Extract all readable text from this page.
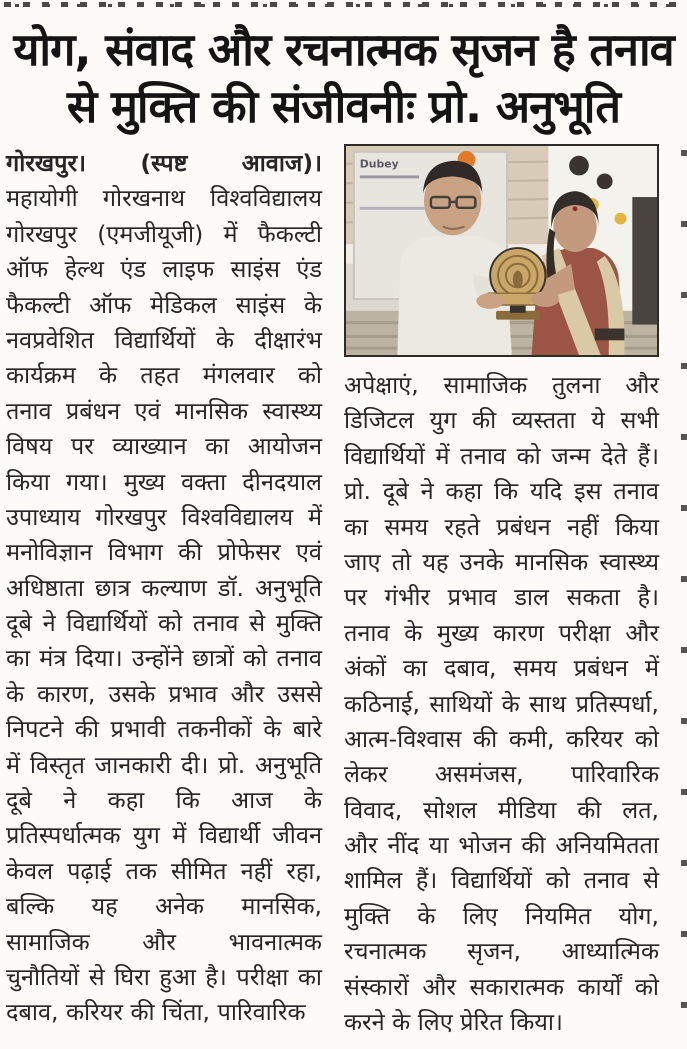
योग, संवाद और रचनात्मक सृजन है तनाव
से मुक्ति की संजीवनीः प्रो. अनुभूति
गोरखपुर। (स्पष्ट आवाज)।
महायोगी गोरखनाथ विश्वविद्यालय
गोरखपुर (एमजीयूजी) में फैकल्टी
ऑफ हेल्थ एंड लाइफ साइंस एंड
फैकल्टी ऑफ मेडिकल साइंस के
नवप्रवेशित विद्यार्थियों के दीक्षारंभ
कार्यक्रम के तहत मंगलवार को
तनाव प्रबंधन एवं मानसिक स्वास्थ्य
विषय पर व्याख्यान का आयोजन
किया गया। मुख्य वक्ता दीनदयाल
उपाध्याय गोरखपुर विश्वविद्यालय में
मनोविज्ञान विभाग की प्रोफेसर एवं
अधिष्ठाता छात्र कल्याण डॉ. अनुभूति
दूबे ने विद्यार्थियों को तनाव से मुक्ति
का मंत्र दिया। उन्होंने छात्रों को तनाव
के कारण, उसके प्रभाव और उससे
निपटने की प्रभावी तकनीकों के बारे
में विस्तृत जानकारी दी। प्रो. अनुभूति
दूबे ने कहा कि आज के
प्रतिस्पर्धात्मक युग में विद्यार्थी जीवन
केवल पढ़ाई तक सीमित नहीं रहा,
बल्कि यह अनेक मानसिक,
सामाजिक और भावनात्मक
चुनौतियों से घिरा हुआ है। परीक्षा का
दबाव, करियर की चिंता, पारिवारिक
Dubey
अपेक्षाएं, सामाजिक तुलना और
डिजिटल युग की व्यस्तता ये सभी
विद्यार्थियों में तनाव को जन्म देते हैं।
प्रो. दूबे ने कहा कि यदि इस तनाव
का समय रहते प्रबंधन नहीं किया
जाए तो यह उनके मानसिक स्वास्थ्य
पर गंभीर प्रभाव डाल सकता है।
तनाव के मुख्य कारण परीक्षा और
अंकों का दबाव, समय प्रबंधन में
कठिनाई, साथियों के साथ प्रतिस्पर्धा,
आत्म-विश्वास की कमी, करियर को
लेकर असमंजस, पारिवारिक
विवाद, सोशल मीडिया की लत,
और नींद या भोजन की अनियमितता
शामिल हैं। विद्यार्थियों को तनाव से
मुक्ति के लिए नियमित योग,
रचनात्मक सृजन, आध्यात्मिक
संस्कारों और सकारात्मक कार्यों को
करने के लिए प्रेरित किया।
